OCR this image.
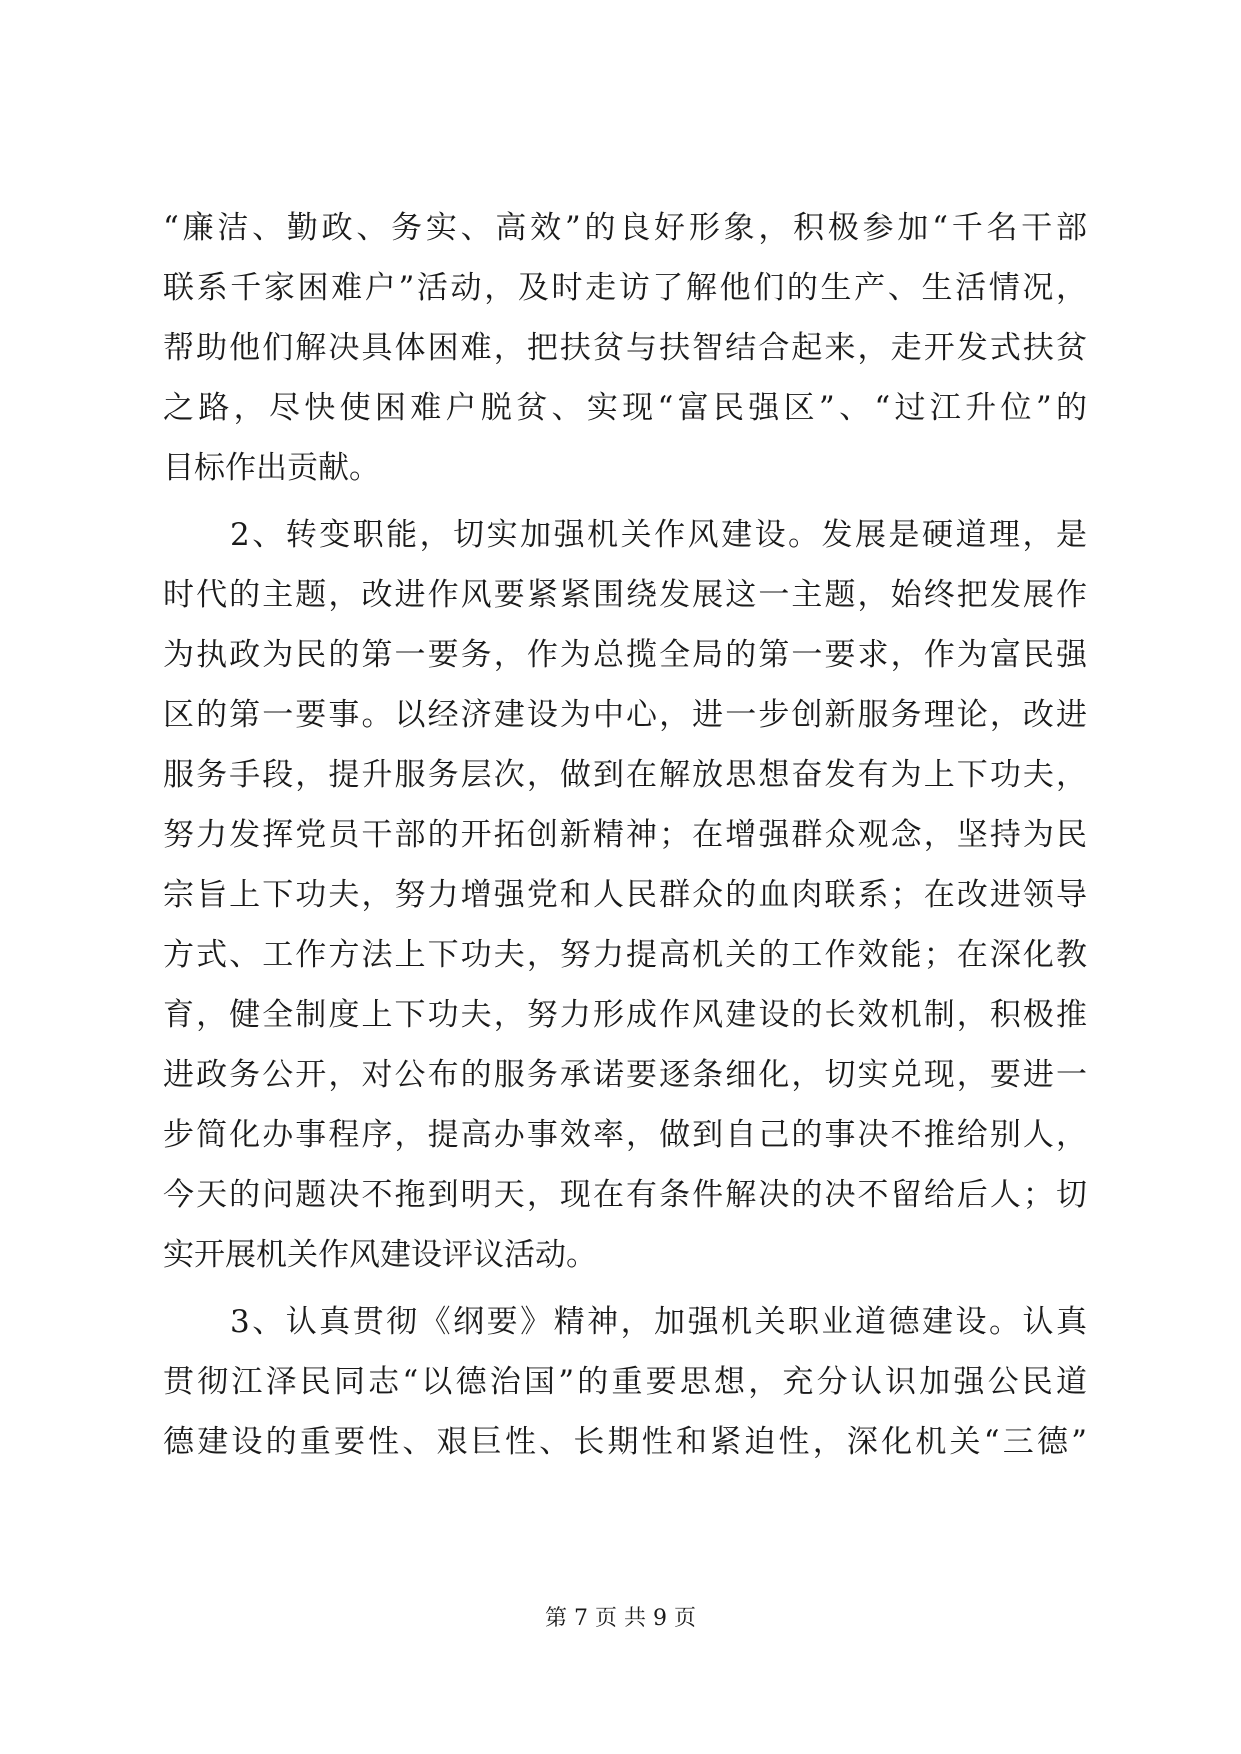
“廉洁、勤政、务实、高效”的良好形象，积极参加“千名干部
联系千家困难户”活动，及时走访了解他们的生产、生活情况，
帮助他们解决具体困难，把扶贫与扶智结合起来，走开发式扶贫
之路，尽快使困难户脱贫、实现“富民强区”、“过江升位”的
目标作出贡献。
　　2、转变职能，切实加强机关作风建设。发展是硬道理，是
时代的主题，改进作风要紧紧围绕发展这一主题，始终把发展作
为执政为民的第一要务，作为总揽全局的第一要求，作为富民强
区的第一要事。以经济建设为中心，进一步创新服务理论，改进
服务手段，提升服务层次，做到在解放思想奋发有为上下功夫，
努力发挥党员干部的开拓创新精神；在增强群众观念，坚持为民
宗旨上下功夫，努力增强党和人民群众的血肉联系；在改进领导
方式、工作方法上下功夫，努力提高机关的工作效能；在深化教
育，健全制度上下功夫，努力形成作风建设的长效机制，积极推
进政务公开，对公布的服务承诺要逐条细化，切实兑现，要进一
步简化办事程序，提高办事效率，做到自己的事决不推给别人，
今天的问题决不拖到明天，现在有条件解决的决不留给后人；切
实开展机关作风建设评议活动。
　　3、认真贯彻《纲要》精神，加强机关职业道德建设。认真
贯彻江泽民同志“以德治国”的重要思想，充分认识加强公民道
德建设的重要性、艰巨性、长期性和紧迫性，深化机关“三德”
第 7 页 共 9 页
